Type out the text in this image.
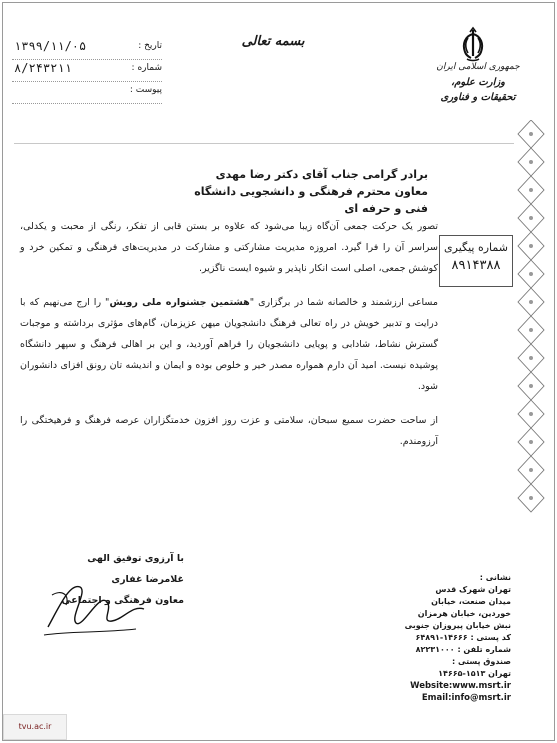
بسمه تعالی
جمهوری اسلامی ایران
وزارت علوم، تحقیقات و فناوری
تاریخ :
۱۳۹۹/۱۱/۰۵
شماره :
۸/۲۴۳۲۱۱
پیوست :
برادر گرامی جناب آقای دکتر رضا مهدی
معاون محترم فرهنگی و دانشجویی دانشگاه فنی و حرفه ای
شماره پیگیری
۸۹۱۴۳۸۸

تصور یک حرکت جمعی آن‌گاه زیبا می‌شود که علاوه بر بستن قابی از تفکر، رنگی از محبت و یکدلی، سراسر آن را فرا گیرد. امروزه مدیریت مشارکتی و مشارکت در مدیریت‌های فرهنگی و تمکین خرد و کوشش جمعی، اصلی است انکار ناپذیر و شیوه ایست ناگزیر.

مساعی ارزشمند و خالصانه شما در برگزاری "هشتمین جشنواره ملی رویش" را ارج می‌نهیم که با درایت و تدبیر خویش در راه تعالی فرهنگ دانشجویان میهن عزیزمان، گام‌های مؤثری برداشته و موجبات گسترش نشاط، شادابی و پویایی دانشجویان را فراهم آوردید، و این بر اهالی فرهنگ و سپهر دانشگاه پوشیده نیست. امید آن دارم همواره مصدر خیر و خلوص بوده و ایمان و اندیشه تان رونق افزای دانشوران شود.

از ساحت حضرت سمیع سبحان، سلامتی و عزت روز افزون خدمتگزاران عرصه فرهنگ و فرهیختگی را آرزومندم.

با آرزوی توفیق الهی
غلامرضا غفاری
معاون فرهنگی و اجتماعی
نشانی :
تهران شهرک قدس
میدان صنعت، خیابان
خوردین، خیابان هرمزان
نبش خیابان پیروزان جنوبی
کد پستی : ۱۴۶۶۶-۶۴۸۹۱
شماره تلفن : ۸۲۲۳۱۰۰۰
صندوق پستی :
تهران ۱۵۱۳-۱۴۶۶۵
Website:www.msrt.ir
Email:info@msrt.ir
tvu.ac.ir
